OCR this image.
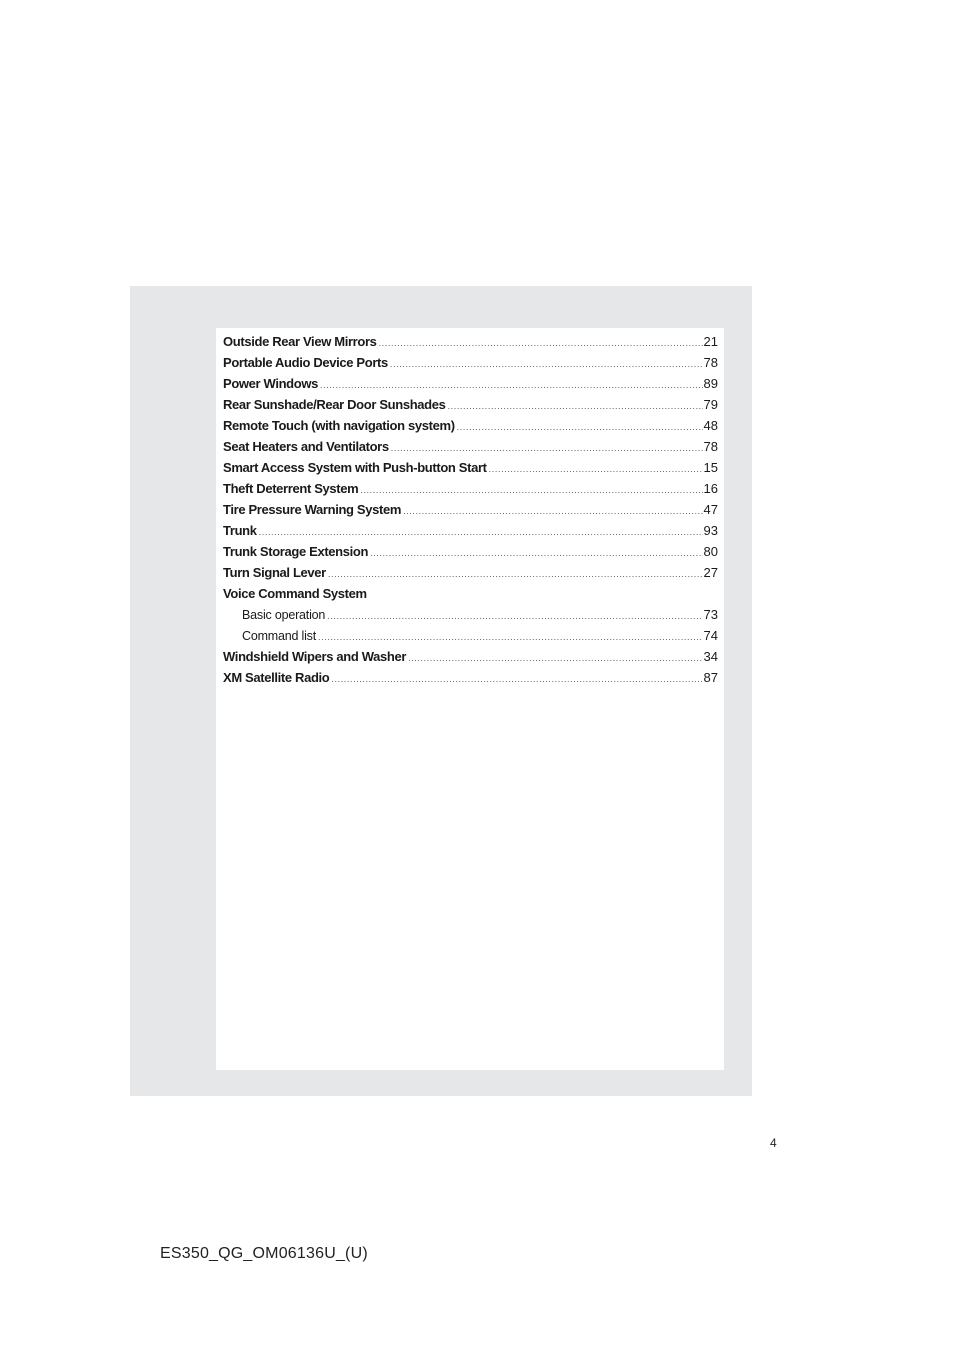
Outside Rear View Mirrors .....	21
Portable Audio Device Ports .....	78
Power Windows .....	89
Rear Sunshade/Rear Door Sunshades .....	79
Remote Touch (with navigation system) .....	48
Seat Heaters and Ventilators .....	78
Smart Access System with Push-button Start .....	15
Theft Deterrent System .....	16
Tire Pressure Warning System .....	47
Trunk .....	93
Trunk Storage Extension .....	80
Turn Signal Lever .....	27
Voice Command System
Basic operation .....	73
Command list .....	74
Windshield Wipers and Washer .....	34
XM Satellite Radio .....	87
4
ES350_QG_OM06136U_(U)
